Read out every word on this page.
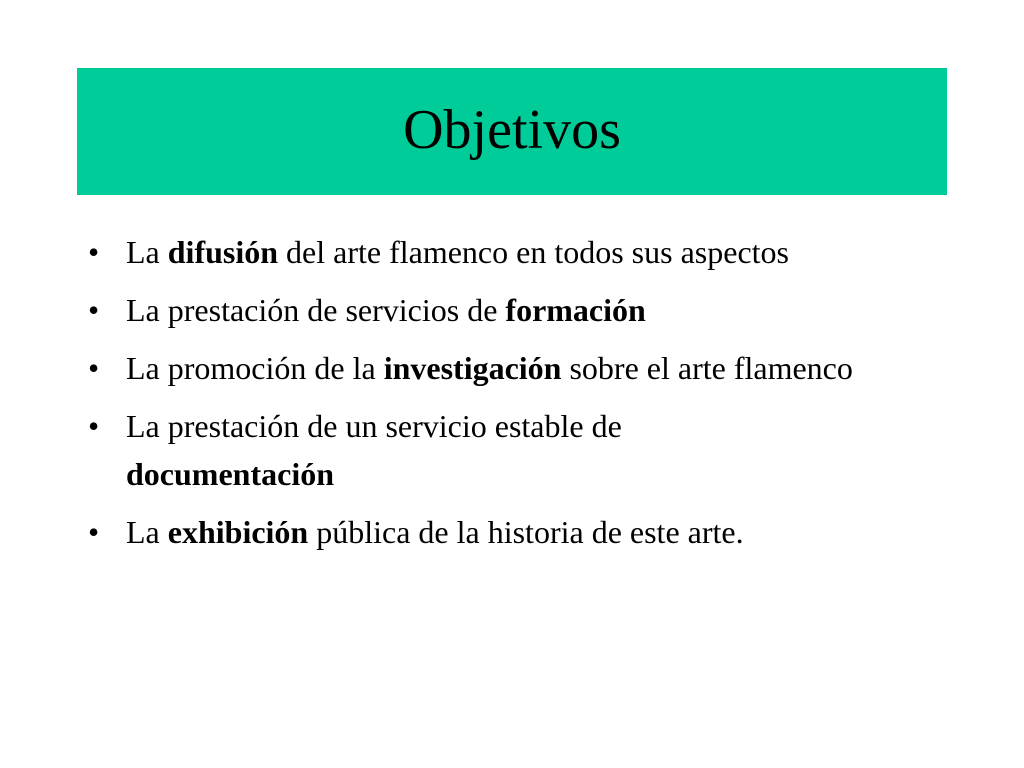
Objetivos
• La difusión del arte flamenco en todos sus aspectos
• La prestación de servicios de formación
• La promoción de la investigación sobre el arte flamenco
• La prestación de un servicio estable de
documentación
• La exhibición pública de la historia de este arte.
